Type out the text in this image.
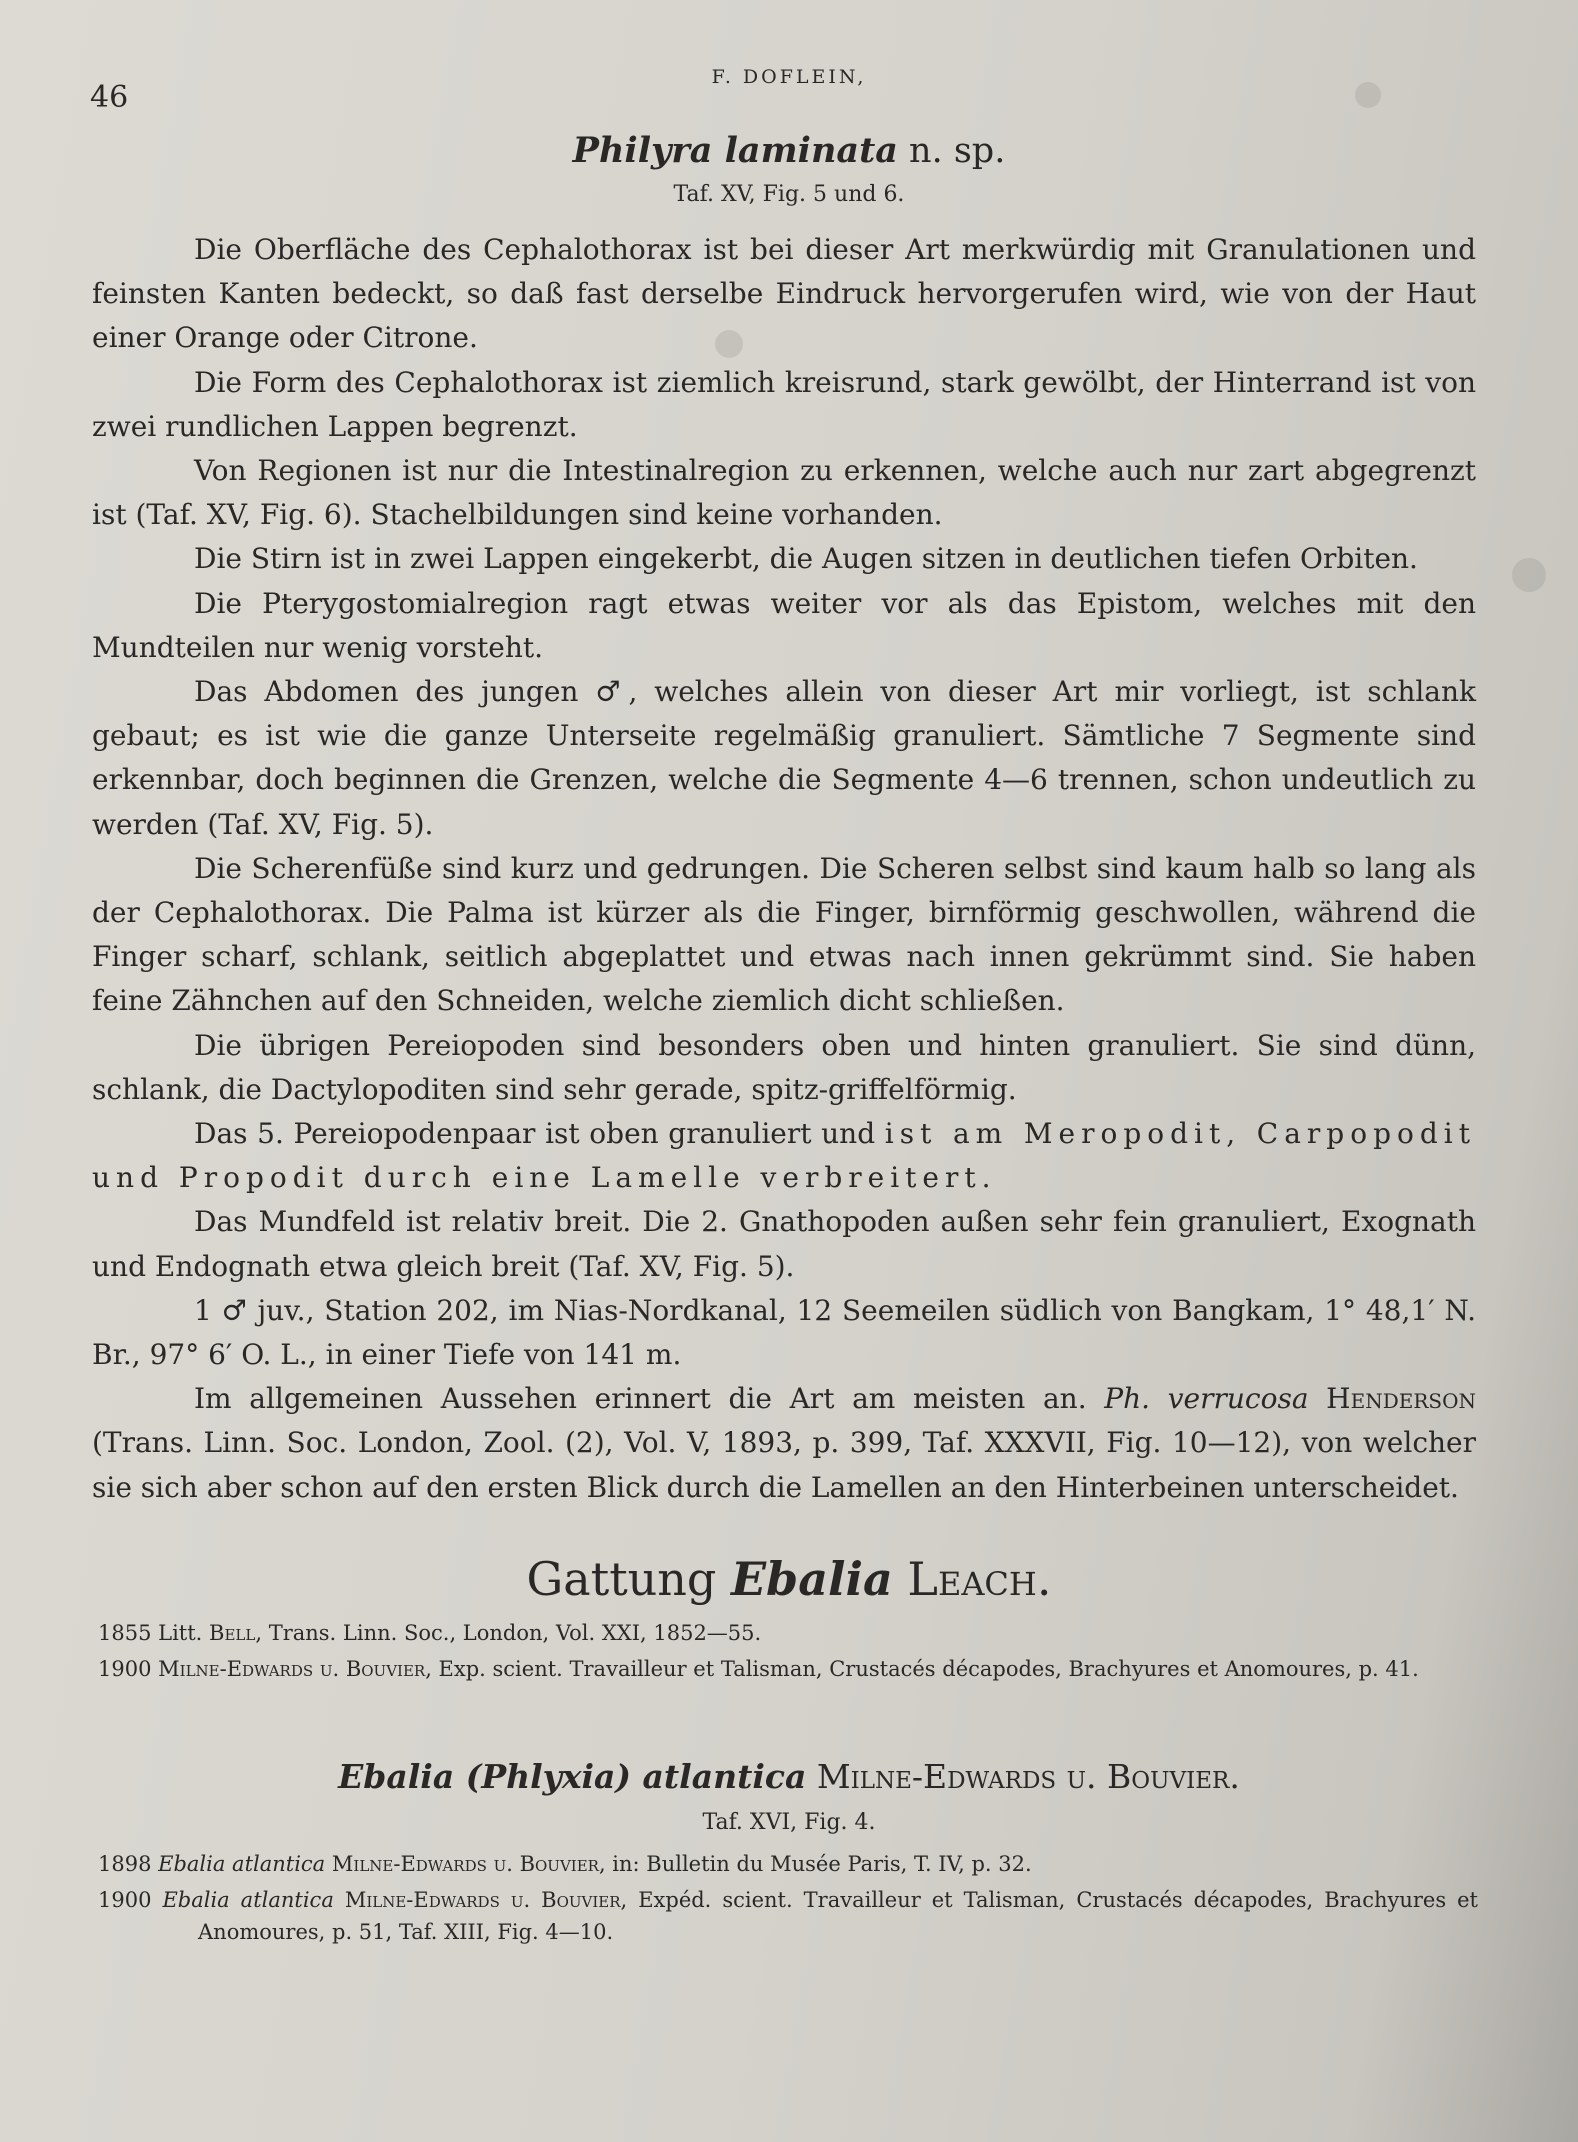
46
F. DOFLEIN,
Philyra laminata n. sp.
Taf. XV, Fig. 5 und 6.

Die Oberfläche des Cephalothorax ist bei dieser Art merkwürdig mit Granulationen und feinsten Kanten bedeckt, so daß fast derselbe Eindruck hervorgerufen wird, wie von der Haut einer Orange oder Citrone.

Die Form des Cephalothorax ist ziemlich kreisrund, stark gewölbt, der Hinterrand ist von zwei rundlichen Lappen begrenzt.

Von Regionen ist nur die Intestinalregion zu erkennen, welche auch nur zart abgegrenzt ist (Taf. XV, Fig. 6). Stachelbildungen sind keine vorhanden.

Die Stirn ist in zwei Lappen eingekerbt, die Augen sitzen in deutlichen tiefen Orbiten.

Die Pterygostomialregion ragt etwas weiter vor als das Epistom, welches mit den Mundteilen nur wenig vorsteht.

Das Abdomen des jungen ♂, welches allein von dieser Art mir vorliegt, ist schlank gebaut; es ist wie die ganze Unterseite regelmäßig granuliert. Sämtliche 7 Segmente sind erkennbar, doch beginnen die Grenzen, welche die Segmente 4—6 trennen, schon undeutlich zu werden (Taf. XV, Fig. 5).

Die Scherenfüße sind kurz und gedrungen. Die Scheren selbst sind kaum halb so lang als der Cephalothorax. Die Palma ist kürzer als die Finger, birnförmig geschwollen, während die Finger scharf, schlank, seitlich abgeplattet und etwas nach innen gekrümmt sind. Sie haben feine Zähnchen auf den Schneiden, welche ziemlich dicht schließen.

Die übrigen Pereiopoden sind besonders oben und hinten granuliert. Sie sind dünn, schlank, die Dactylopoditen sind sehr gerade, spitz-griffelförmig.

Das 5. Pereiopodenpaar ist oben granuliert und ist am Meropodit, Carpopodit und Propodit durch eine Lamelle verbreitert.

Das Mundfeld ist relativ breit. Die 2. Gnathopoden außen sehr fein granuliert, Exognath und Endognath etwa gleich breit (Taf. XV, Fig. 5).

1 ♂ juv., Station 202, im Nias-Nordkanal, 12 Seemeilen südlich von Bangkam, 1° 48,1′ N. Br., 97° 6′ O. L., in einer Tiefe von 141 m.

Im allgemeinen Aussehen erinnert die Art am meisten an. Ph. verrucosa Henderson (Trans. Linn. Soc. London, Zool. (2), Vol. V, 1893, p. 399, Taf. XXXVII, Fig. 10—12), von welcher sie sich aber schon auf den ersten Blick durch die Lamellen an den Hinterbeinen unterscheidet.

Gattung Ebalia Leach.

1855 Litt. Bell, Trans. Linn. Soc., London, Vol. XXI, 1852—55.

1900 Milne-Edwards u. Bouvier, Exp. scient. Travailleur et Talisman, Crustacés décapodes, Brachyures et Anomoures, p. 41.

Ebalia (Phlyxia) atlantica Milne-Edwards u. Bouvier.
Taf. XVI, Fig. 4.

1898 Ebalia atlantica Milne-Edwards u. Bouvier, in: Bulletin du Musée Paris, T. IV, p. 32.

1900 Ebalia atlantica Milne-Edwards u. Bouvier, Expéd. scient. Travailleur et Talisman, Crustacés décapodes, Brachyures et Anomoures, p. 51, Taf. XIII, Fig. 4—10.
